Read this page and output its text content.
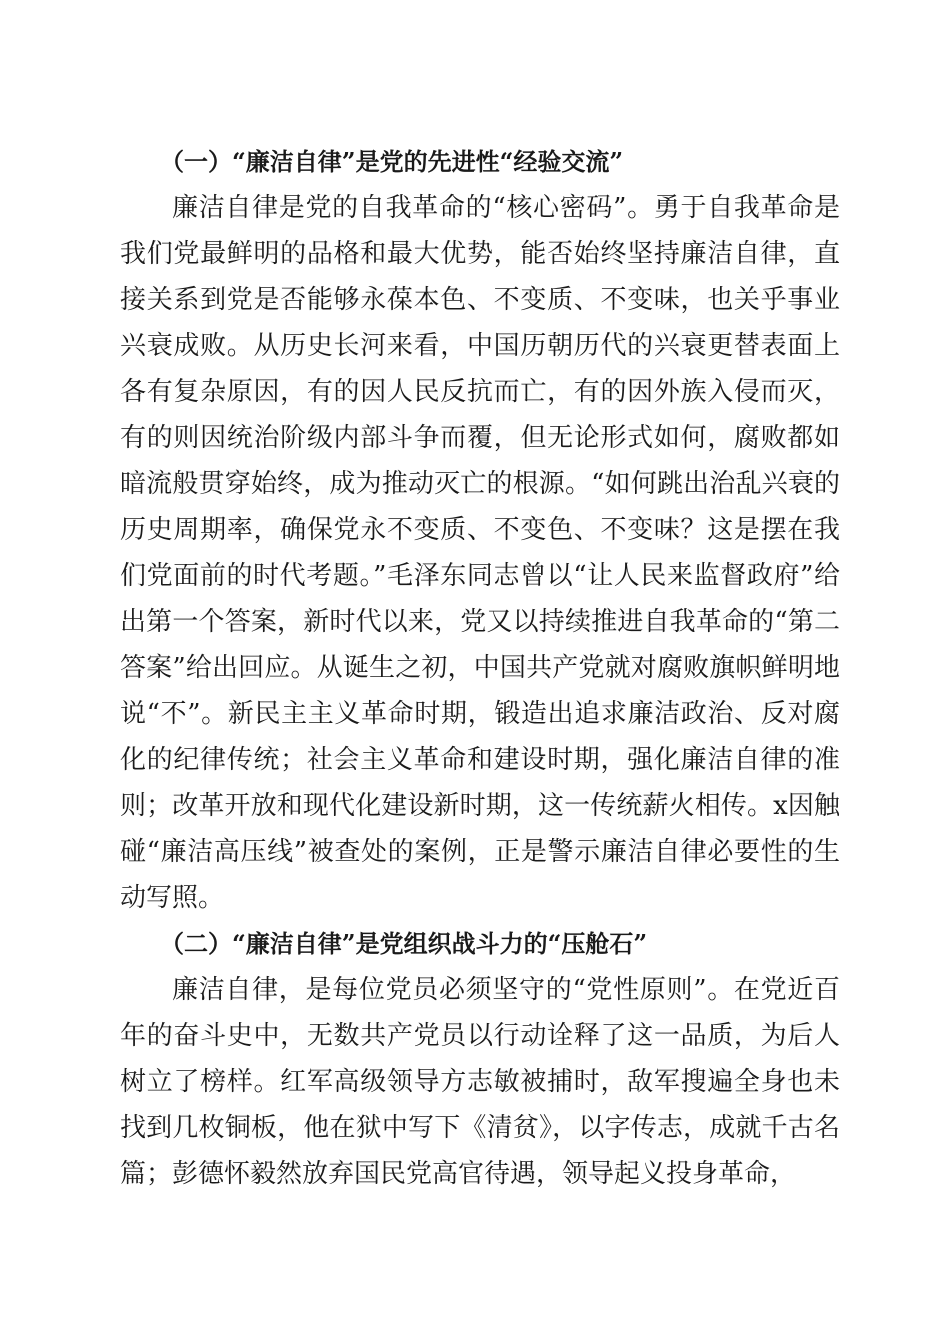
（一）“廉洁自律”是党的先进性“经验交流”

廉洁自律是党的自我革命的“核心密码”。勇于自我革命是我们党最鲜明的品格和最大优势，能否始终坚持廉洁自律，直接关系到党是否能够永葆本色、不变质、不变味，也关乎事业兴衰成败。从历史长河来看，中国历朝历代的兴衰更替表面上各有复杂原因，有的因人民反抗而亡，有的因外族入侵而灭，有的则因统治阶级内部斗争而覆，但无论形式如何，腐败都如暗流般贯穿始终，成为推动灭亡的根源。“如何跳出治乱兴衰的历史周期率，确保党永不变质、不变色、不变味？这是摆在我们党面前的时代考题。”毛泽东同志曾以“让人民来监督政府”给出第一个答案，新时代以来，党又以持续推进自我革命的“第二答案”给出回应。从诞生之初，中国共产党就对腐败旗帜鲜明地说“不”。新民主主义革命时期，锻造出追求廉洁政治、反对腐化的纪律传统；社会主义革命和建设时期，强化廉洁自律的准则；改革开放和现代化建设新时期，这一传统薪火相传。x因触碰“廉洁高压线”被查处的案例，正是警示廉洁自律必要性的生动写照。

（二）“廉洁自律”是党组织战斗力的“压舱石”

廉洁自律，是每位党员必须坚守的“党性原则”。在党近百年的奋斗史中，无数共产党员以行动诠释了这一品质，为后人树立了榜样。红军高级领导方志敏被捕时，敌军搜遍全身也未找到几枚铜板，他在狱中写下《清贫》，以字传志，成就千古名篇；彭德怀毅然放弃国民党高官待遇，领导起义投身革命，
